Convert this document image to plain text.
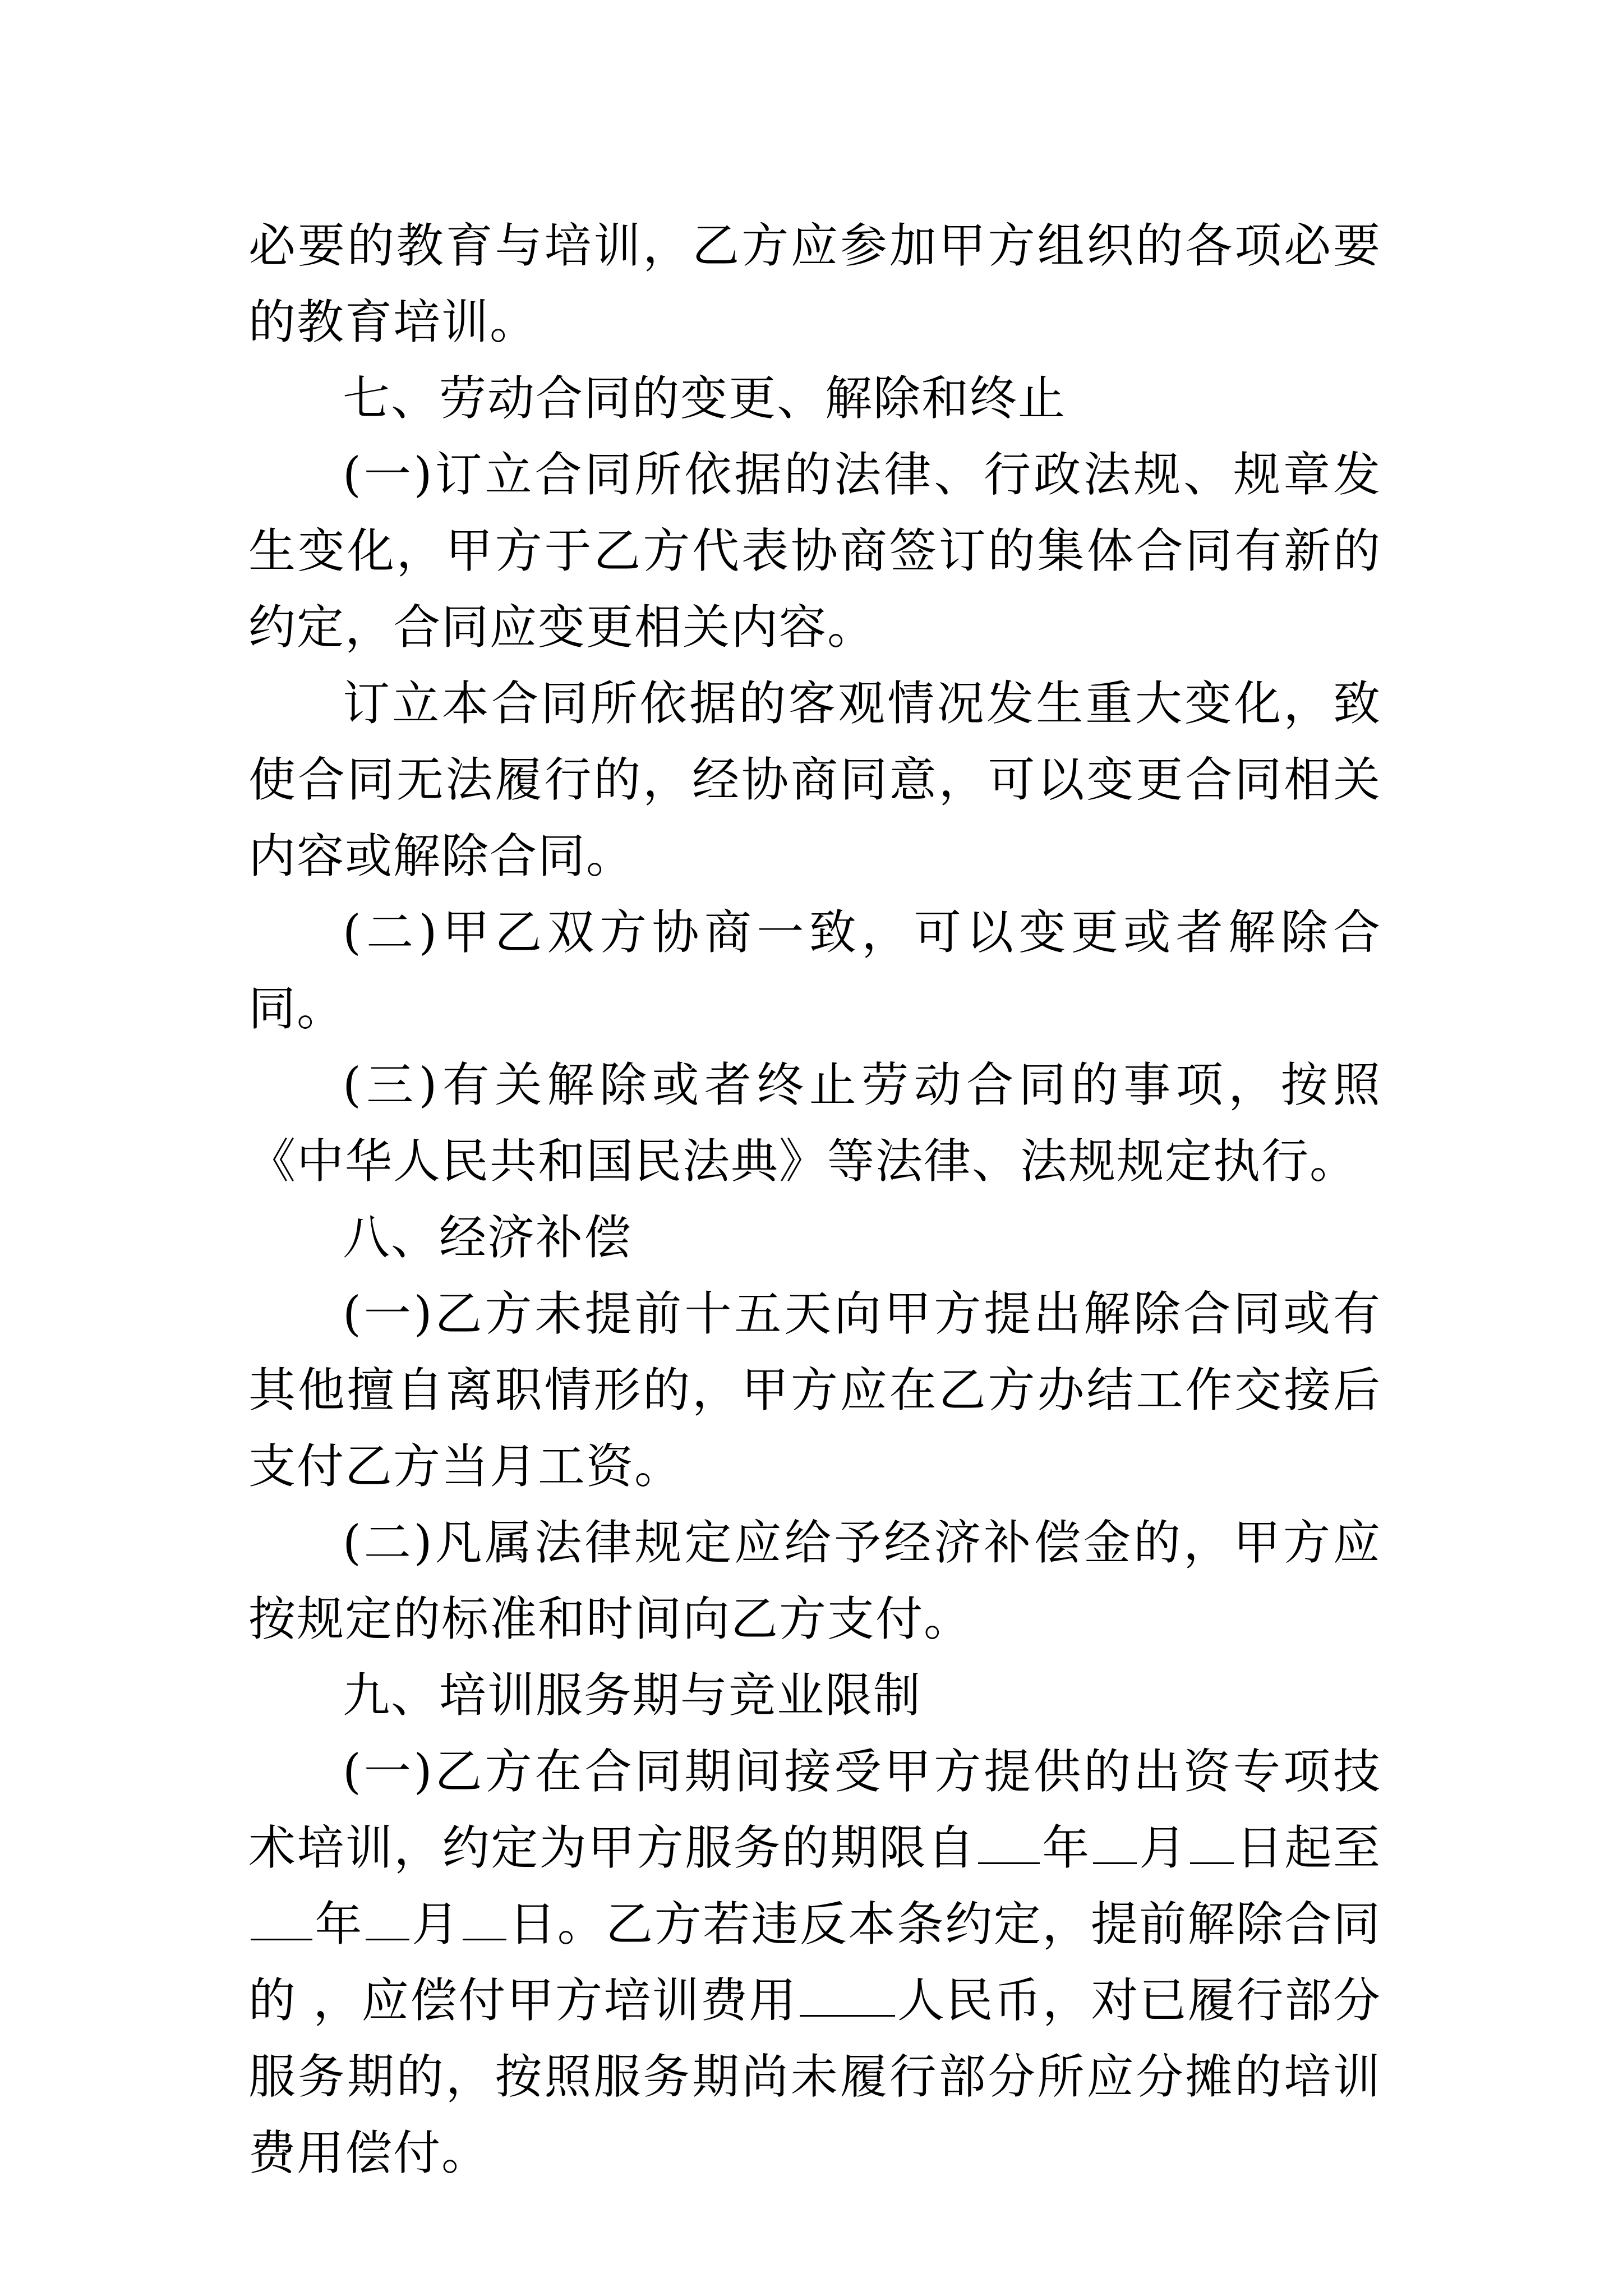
必要的教育与培训，乙方应参加甲方组织的各项必要的教育培训。

七、劳动合同的变更、解除和终止

(一)订立合同所依据的法律、行政法规、规章发生变化，甲方于乙方代表协商签订的集体合同有新的约定，合同应变更相关内容。

订立本合同所依据的客观情况发生重大变化，致使合同无法履行的，经协商同意，可以变更合同相关内容或解除合同。

(二)甲乙双方协商一致，可以变更或者解除合同。

(三)有关解除或者终止劳动合同的事项，按照《中华人民共和国民法典》等法律、法规规定执行。

八、经济补偿

(一)乙方未提前十五天向甲方提出解除合同或有其他擅自离职情形的，甲方应在乙方办结工作交接后支付乙方当月工资。

(二)凡属法律规定应给予经济补偿金的，甲方应按规定的标准和时间向乙方支付。

九、培训服务期与竞业限制

(一)乙方在合同期间接受甲方提供的出资专项技术培训，约定为甲方服务的期限自 年 月 日起至年 月 日。乙方若违反本条约定，提前解除合同的 ，应偿付甲方培训费用 人民币，对已履行部分服务期的，按照服务期尚未履行部分所应分摊的培训费用偿付。
